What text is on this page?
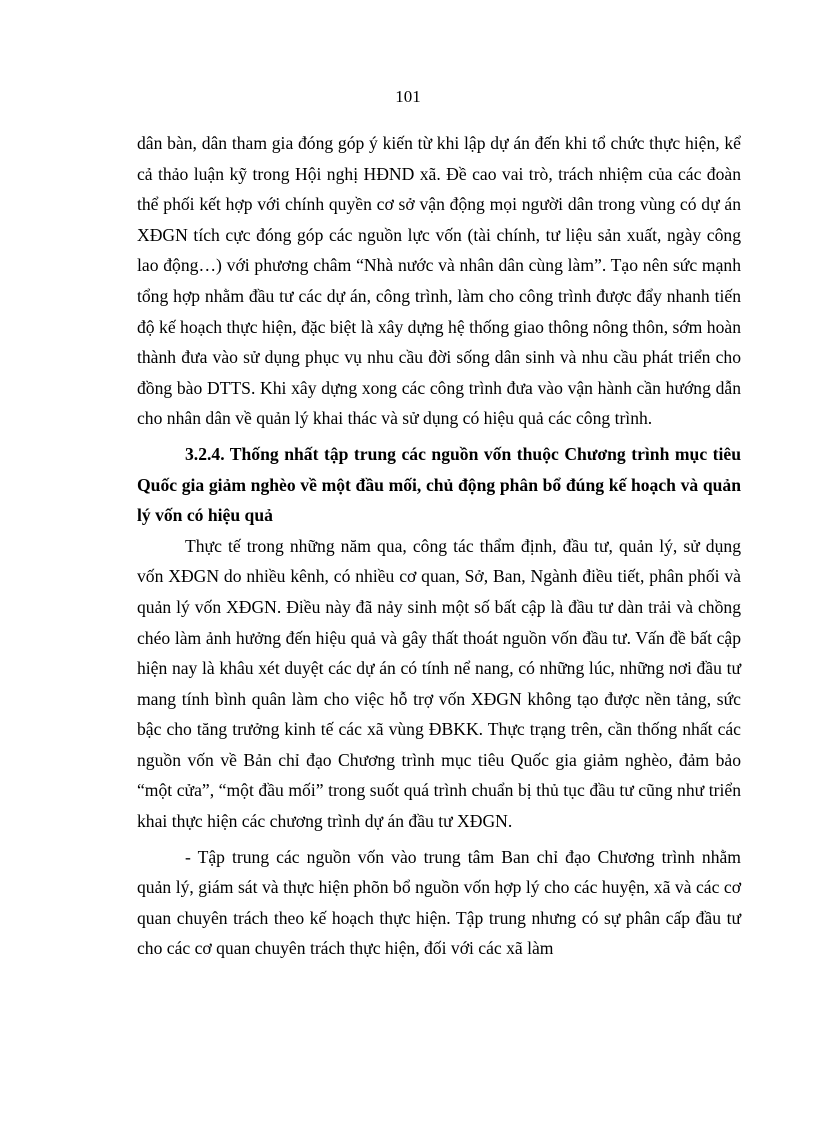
101

dân bàn, dân tham gia đóng góp ý kiến từ khi lập dự án đến khi tổ chức thực hiện, kể cả thảo luận kỹ trong Hội nghị HĐND xã. Đề cao vai trò, trách nhiệm của các đoàn thể phối kết hợp với chính quyền cơ sở vận động mọi người dân trong vùng có dự án XĐGN tích cực đóng góp các nguồn lực vốn (tài chính, tư liệu sản xuất, ngày công lao động…) với phương châm “Nhà nước và nhân dân cùng làm”. Tạo nên sức mạnh tổng hợp nhằm đầu tư các dự án, công trình, làm cho công trình được đẩy nhanh tiến độ kế hoạch thực hiện, đặc biệt là xây dựng hệ thống giao thông nông thôn, sớm hoàn thành đưa vào sử dụng phục vụ nhu cầu đời sống dân sinh và nhu cầu phát triển cho đồng bào DTTS. Khi xây dựng xong các công trình đưa vào vận hành cần hướng dẫn cho nhân dân về quản lý khai thác và sử dụng có hiệu quả các công trình.

3.2.4. Thống nhất tập trung các nguồn vốn thuộc Chương trình mục tiêu Quốc gia giảm nghèo về một đầu mối, chủ động phân bổ đúng kế hoạch và quản lý vốn có hiệu quả

Thực tế trong những năm qua, công tác thẩm định, đầu tư, quản lý, sử dụng vốn XĐGN do nhiều kênh, có nhiều cơ quan, Sở, Ban, Ngành điều tiết, phân phối và quản lý vốn XĐGN. Điều này đã nảy sinh một số bất cập là đầu tư dàn trải và chồng chéo làm ảnh hưởng đến hiệu quả và gây thất thoát nguồn vốn đầu tư. Vấn đề bất cập hiện nay là khâu xét duyệt các dự án có tính nể nang, có những lúc, những nơi đầu tư mang tính bình quân làm cho việc hỗ trợ vốn XĐGN không tạo được nền tảng, sức bậc cho tăng trưởng kinh tế các xã vùng ĐBKK. Thực trạng trên, cần thống nhất các nguồn vốn về Bản chỉ đạo Chương trình mục tiêu Quốc gia giảm nghèo, đảm bảo “một cửa”, “một đầu mối” trong suốt quá trình chuẩn bị thủ tục đầu tư cũng như triển khai thực hiện các chương trình dự án đầu tư XĐGN.

- Tập trung các nguồn vốn vào trung tâm Ban chỉ đạo Chương trình nhằm quản lý, giám sát và thực hiện phõn bổ nguồn vốn hợp lý cho các huyện, xã và các cơ quan chuyên trách theo kế hoạch thực hiện. Tập trung nhưng có sự phân cấp đầu tư cho các cơ quan chuyên trách thực hiện, đối với các xã làm
